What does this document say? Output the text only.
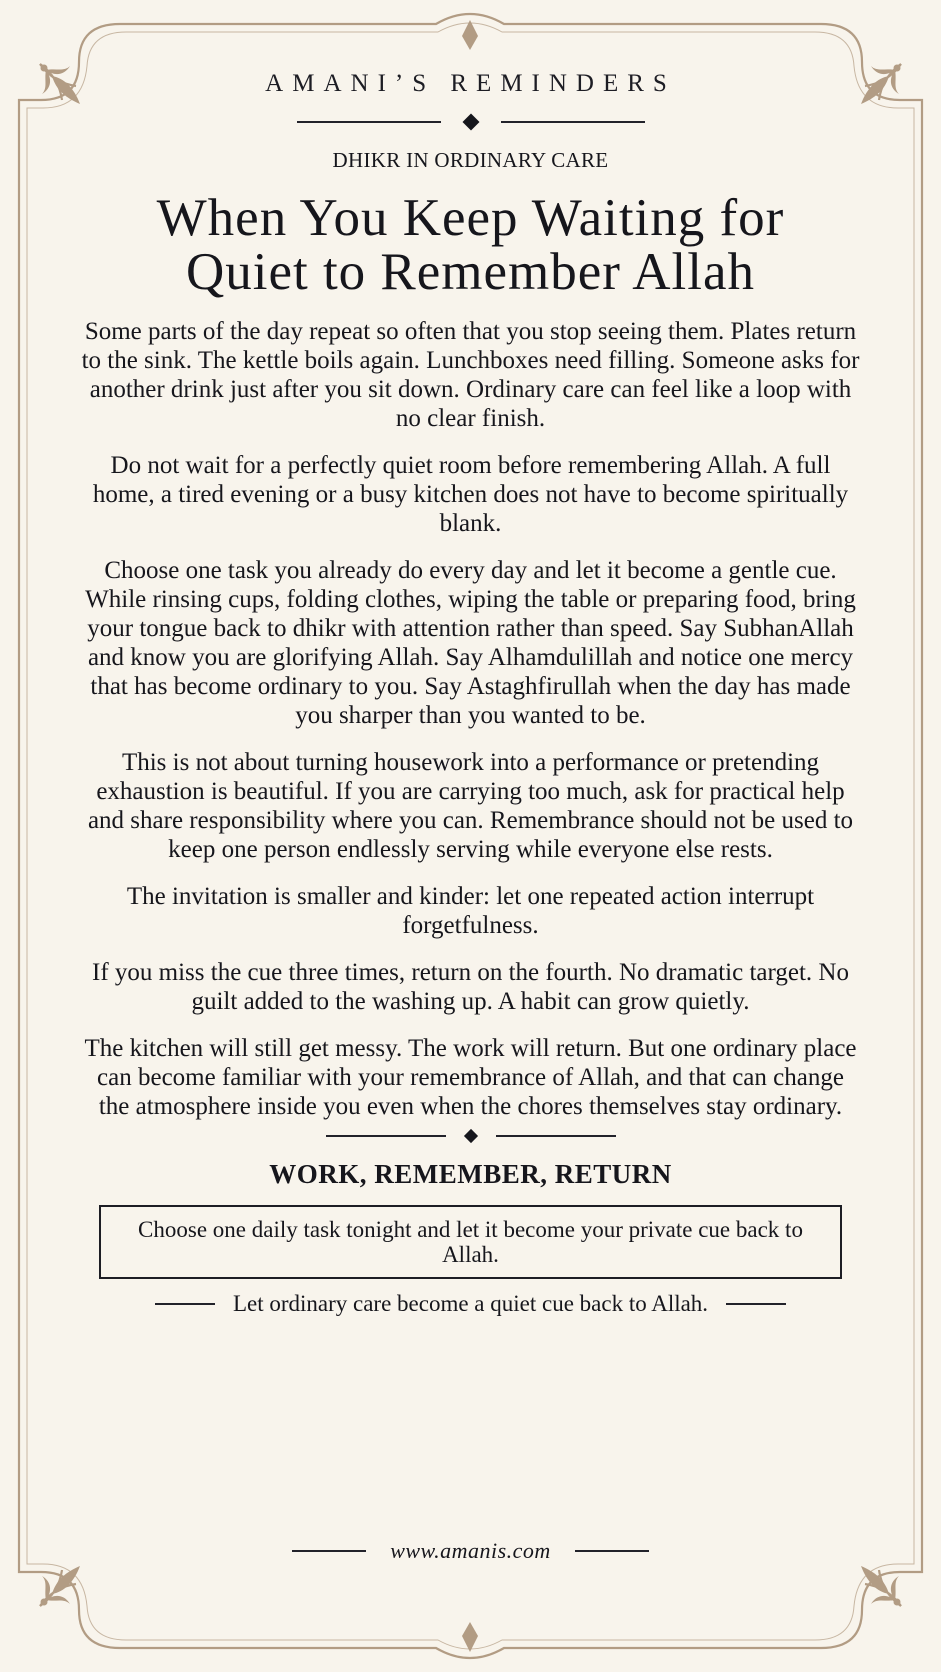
AMANI’S REMINDERS
DHIKR IN ORDINARY CARE
When You Keep Waiting for
Quiet to Remember Allah

Some parts of the day repeat so often that you stop seeing them. Plates return to the sink. The kettle boils again. Lunchboxes need filling. Someone asks for another drink just after you sit down. Ordinary care can feel like a loop with no clear finish.

Do not wait for a perfectly quiet room before remembering Allah. A full home, a tired evening or a busy kitchen does not have to become spiritually blank.

Choose one task you already do every day and let it become a gentle cue. While rinsing cups, folding clothes, wiping the table or preparing food, bring your tongue back to dhikr with attention rather than speed. Say SubhanAllah and know you are glorifying Allah. Say Alhamdulillah and notice one mercy that has become ordinary to you. Say Astaghfirullah when the day has made you sharper than you wanted to be.

This is not about turning housework into a performance or pretending exhaustion is beautiful. If you are carrying too much, ask for practical help and share responsibility where you can. Remembrance should not be used to keep one person endlessly serving while everyone else rests.

The invitation is smaller and kinder: let one repeated action interrupt forgetfulness.

If you miss the cue three times, return on the fourth. No dramatic target. No guilt added to the washing up. A habit can grow quietly.

The kitchen will still get messy. The work will return. But one ordinary place can become familiar with your remembrance of Allah, and that can change the atmosphere inside you even when the chores themselves stay ordinary.

WORK, REMEMBER, RETURN
Choose one daily task tonight and let it become your private cue back to Allah.
Let ordinary care become a quiet cue back to Allah.
www.amanis.com
